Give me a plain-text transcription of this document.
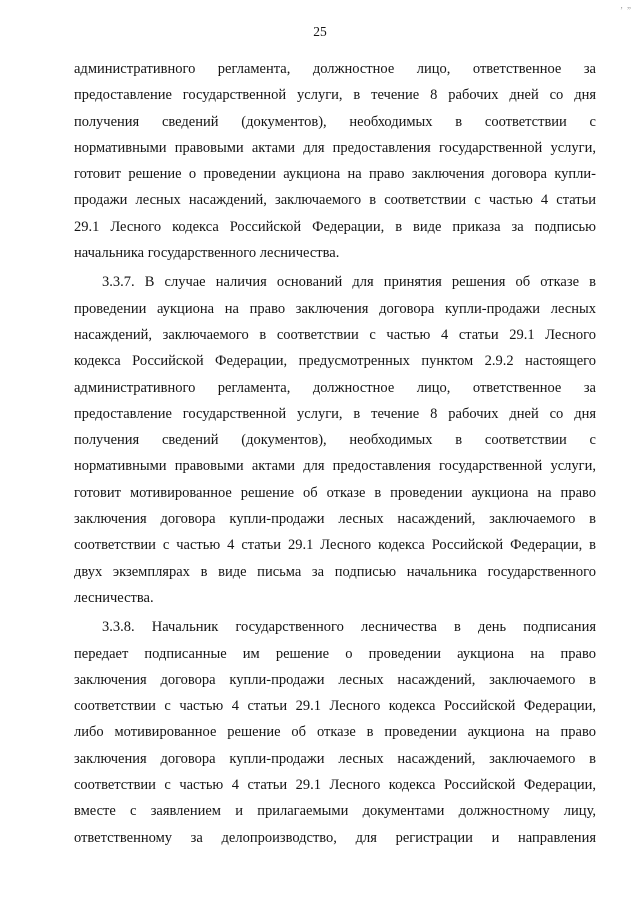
25
, „
административного регламента, должностное лицо, ответственное за
предоставление государственной услуги, в течение 8 рабочих дней со дня
получения сведений (документов), необходимых в соответствии с
нормативными правовыми актами для предоставления государственной услуги,
готовит решение о проведении аукциона на право заключения договора купли-
продажи лесных насаждений, заключаемого в соответствии с частью 4 статьи
29.1 Лесного кодекса Российской Федерации, в виде приказа за подписью
начальника государственного лесничества.
3.3.7. В случае наличия оснований для принятия решения об отказе в
проведении аукциона на право заключения договора купли-продажи лесных
насаждений, заключаемого в соответствии с частью 4 статьи 29.1 Лесного
кодекса Российской Федерации, предусмотренных пунктом 2.9.2 настоящего
административного регламента, должностное лицо, ответственное за
предоставление государственной услуги, в течение 8 рабочих дней со дня
получения сведений (документов), необходимых в соответствии с
нормативными правовыми актами для предоставления государственной услуги,
готовит мотивированное решение об отказе в проведении аукциона на право
заключения договора купли-продажи лесных насаждений, заключаемого в
соответствии с частью 4 статьи 29.1 Лесного кодекса Российской Федерации, в
двух экземплярах в виде письма за подписью начальника государственного
лесничества.
3.3.8. Начальник государственного лесничества в день подписания
передает подписанные им решение о проведении аукциона на право
заключения договора купли-продажи лесных насаждений, заключаемого в
соответствии с частью 4 статьи 29.1 Лесного кодекса Российской Федерации,
либо мотивированное решение об отказе в проведении аукциона на право
заключения договора купли-продажи лесных насаждений, заключаемого в
соответствии с частью 4 статьи 29.1 Лесного кодекса Российской Федерации,
вместе с заявлением и прилагаемыми документами должностному лицу,
ответственному за делопроизводство, для регистрации и направления
